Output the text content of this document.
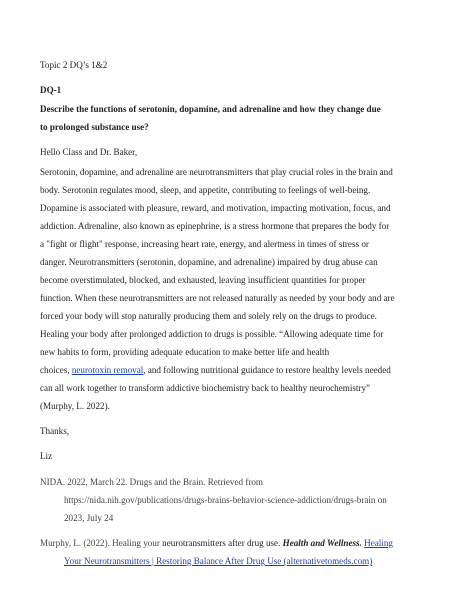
Topic 2 DQ’s 1&2
DQ-1
Describe the functions of serotonin, dopamine, and adrenaline and how they change due
to prolonged substance use?
Hello Class and Dr. Baker,
Serotonin, dopamine, and adrenaline are neurotransmitters that play crucial roles in the brain and
body. Serotonin regulates mood, sleep, and appetite, contributing to feelings of well-being.
Dopamine is associated with pleasure, reward, and motivation, impacting motivation, focus, and
addiction. Adrenaline, also known as epinephrine, is a stress hormone that prepares the body for
a "fight or flight" response, increasing heart rate, energy, and alertness in times of stress or
danger. Neurotransmitters (serotonin, dopamine, and adrenaline) impaired by drug abuse can
become overstimulated, blocked, and exhausted, leaving insufficient quantities for proper
function. When these neurotransmitters are not released naturally as needed by your body and are
forced your body will stop naturally producing them and solely rely on the drugs to produce.
Healing your body after prolonged addiction to drugs is possible. “Allowing adequate time for
new habits to form, providing adequate education to make better life and health
choices, neurotoxin removal, and following nutritional guidance to restore healthy levels needed
can all work together to transform addictive biochemistry back to healthy neurochemistry”
(Murphy, L. 2022).
Thanks,
Liz
NIDA. 2022, March 22. Drugs and the Brain. Retrieved from
https://nida.nih.gov/publications/drugs-brains-behavior-science-addiction/drugs-brain on
2023, July 24
Murphy, L. (2022). Healing your neurotransmitters after drug use. Health and Wellness. Healing
Your Neurotransmitters | Restoring Balance After Drug Use (alternativetomeds.com)
